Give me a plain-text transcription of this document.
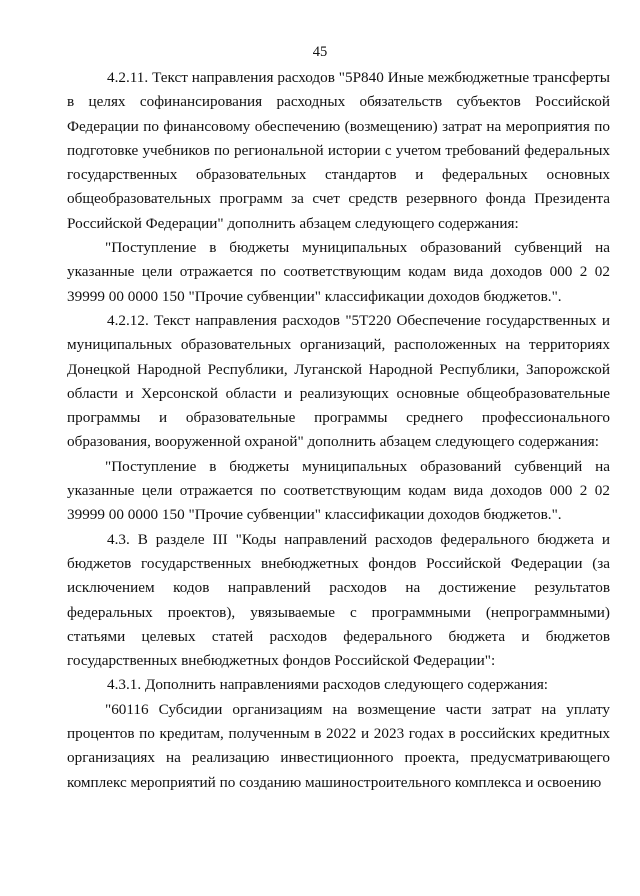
45

4.2.11. Текст направления расходов "5Р840 Иные межбюджетные трансферты в целях софинансирования расходных обязательств субъектов Российской Федерации по финансовому обеспечению (возмещению) затрат на мероприятия по подготовке учебников по региональной истории с учетом требований федеральных государственных образовательных стандартов и федеральных основных общеобразовательных программ за счет средств резервного фонда Президента Российской Федерации" дополнить абзацем следующего содержания:

"Поступление в бюджеты муниципальных образований субвенций на указанные цели отражается по соответствующим кодам вида доходов 000 2 02 39999 00 0000 150 "Прочие субвенции" классификации доходов бюджетов.".

4.2.12. Текст направления расходов "5Т220 Обеспечение государственных и муниципальных образовательных организаций, расположенных на территориях Донецкой Народной Республики, Луганской Народной Республики, Запорожской области и Херсонской области и реализующих основные общеобразовательные программы и образовательные программы среднего профессионального образования, вооруженной охраной" дополнить абзацем следующего содержания:

"Поступление в бюджеты муниципальных образований субвенций на указанные цели отражается по соответствующим кодам вида доходов 000 2 02 39999 00 0000 150 "Прочие субвенции" классификации доходов бюджетов.".

4.3. В разделе III "Коды направлений расходов федерального бюджета и бюджетов государственных внебюджетных фондов Российской Федерации (за исключением кодов направлений расходов на достижение результатов федеральных проектов), увязываемые с программными (непрограммными) статьями целевых статей расходов федерального бюджета и бюджетов государственных внебюджетных фондов Российской Федерации":

4.3.1. Дополнить направлениями расходов следующего содержания:

"60116 Субсидии организациям на возмещение части затрат на уплату процентов по кредитам, полученным в 2022 и 2023 годах в российских кредитных организациях на реализацию инвестиционного проекта, предусматривающего комплекс мероприятий по созданию машиностроительного комплекса и освоению
